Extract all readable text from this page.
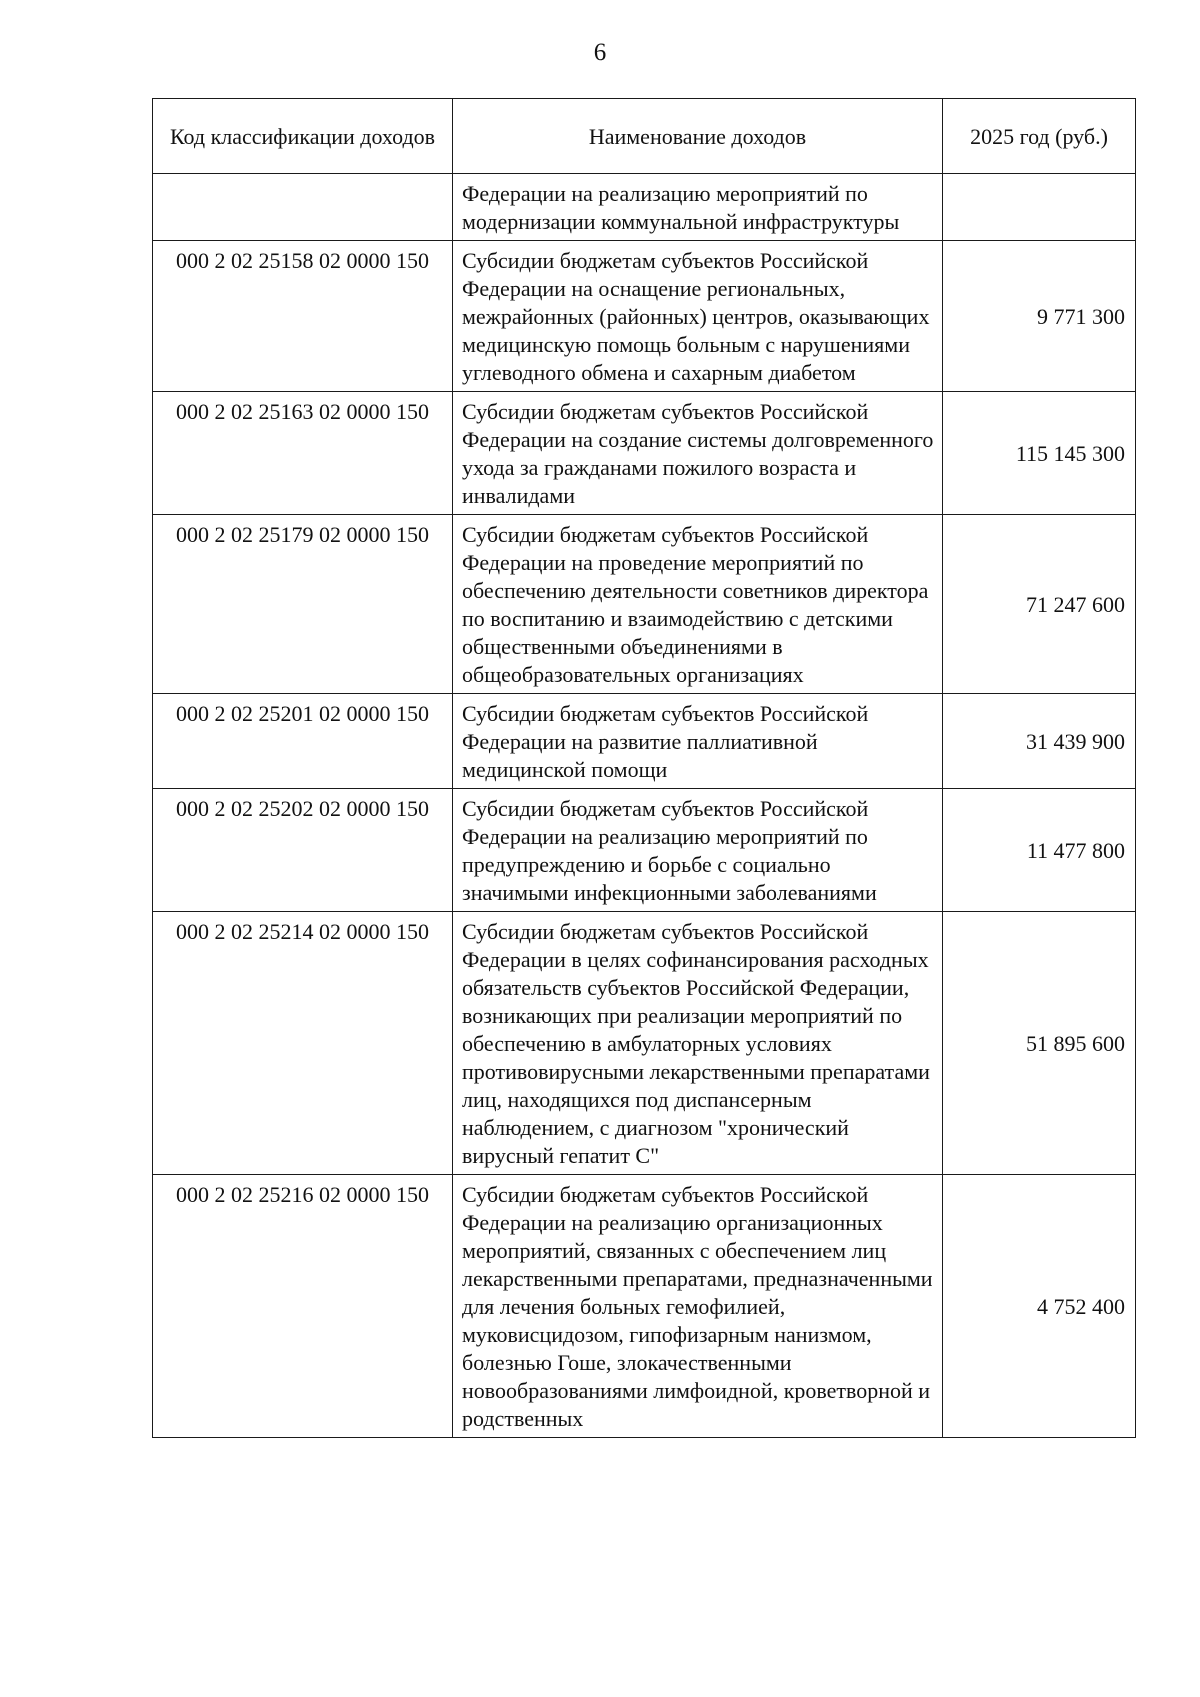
6
Код классификации доходов	Наименование доходов	2025 год (руб.)
	Федерации на реализацию мероприятий по модернизации коммунальной инфраструктуры	
000 2 02 25158 02 0000 150	Субсидии бюджетам субъектов Российской Федерации на оснащение региональных, межрайонных (районных) центров, оказывающих медицинскую помощь больным с нарушениями углеводного обмена и сахарным диабетом	9 771 300
000 2 02 25163 02 0000 150	Субсидии бюджетам субъектов Российской Федерации на создание системы долговременного ухода за гражданами пожилого возраста и инвалидами	115 145 300
000 2 02 25179 02 0000 150	Субсидии бюджетам субъектов Российской Федерации на проведение мероприятий по обеспечению деятельности советников директора по воспитанию и взаимодействию с детскими общественными объединениями в общеобразовательных организациях	71 247 600
000 2 02 25201 02 0000 150	Субсидии бюджетам субъектов Российской Федерации на развитие паллиативной медицинской помощи	31 439 900
000 2 02 25202 02 0000 150	Субсидии бюджетам субъектов Российской Федерации на реализацию мероприятий по предупреждению и борьбе с социально значимыми инфекционными заболеваниями	11 477 800
000 2 02 25214 02 0000 150	Субсидии бюджетам субъектов Российской Федерации в целях софинансирования расходных обязательств субъектов Российской Федерации, возникающих при реализации мероприятий по обеспечению в амбулаторных условиях противовирусными лекарственными препаратами лиц, находящихся под диспансерным наблюдением, с диагнозом "хронический вирусный гепатит С"	51 895 600
000 2 02 25216 02 0000 150	Субсидии бюджетам субъектов Российской Федерации на реализацию организационных мероприятий, связанных с обеспечением лиц лекарственными препаратами, предназначенными для лечения больных гемофилией, муковисцидозом, гипофизарным нанизмом, болезнью Гоше, злокачественными новообразованиями лимфоидной, кроветворной и родственных	4 752 400
